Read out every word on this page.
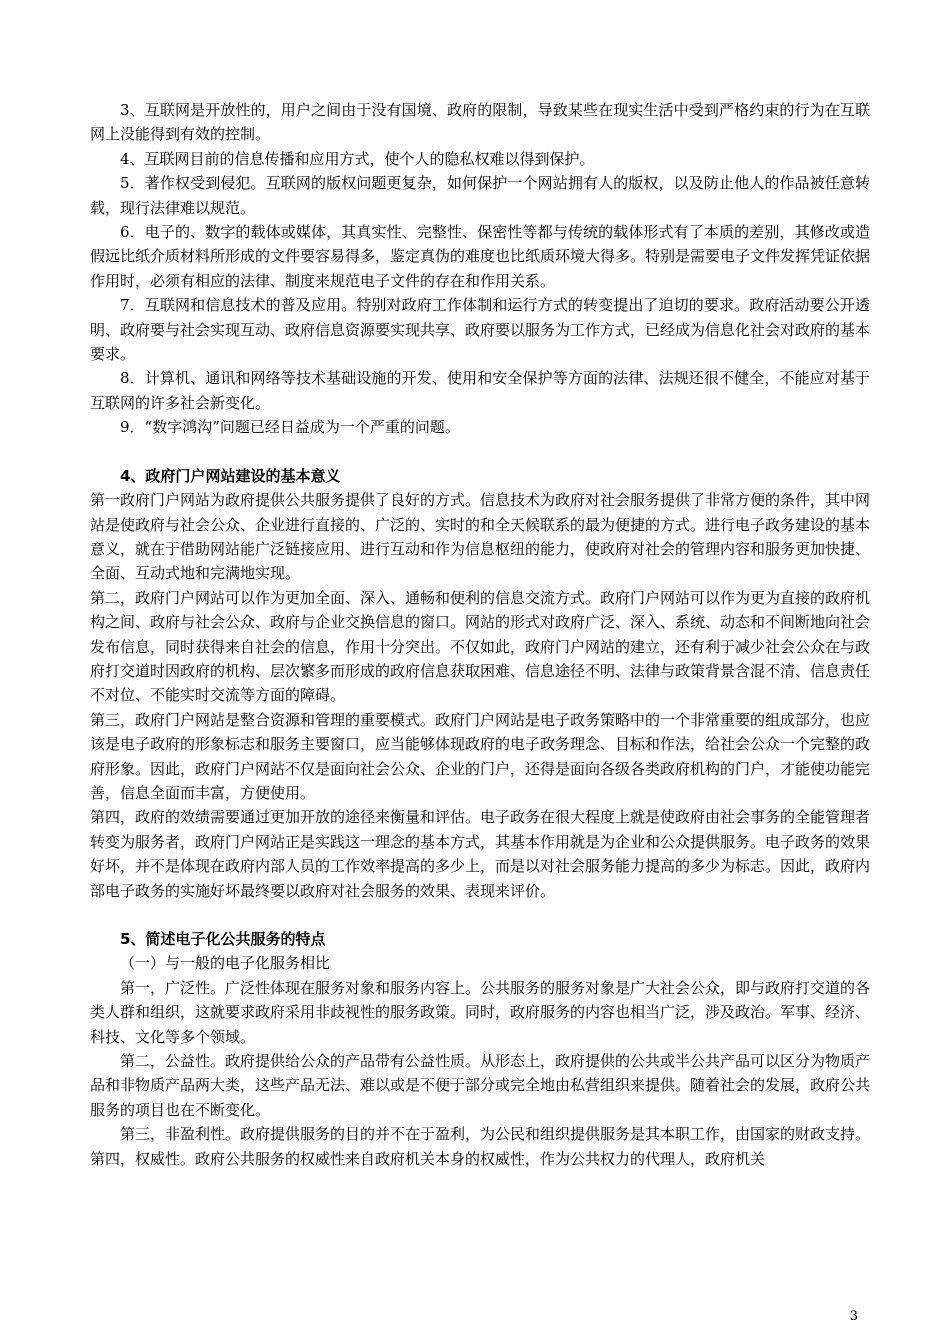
3、互联网是开放性的，用户之间由于没有国境、政府的限制，导致某些在现实生活中受到严格约束的行为在互联网上没能得到有效的控制。

4、互联网目前的信息传播和应用方式，使个人的隐私权难以得到保护。

5．著作权受到侵犯。互联网的版权问题更复杂，如何保护一个网站拥有人的版权，以及防止他人的作品被任意转载，现行法律难以规范。

6．电子的、数字的载体或媒体，其真实性、完整性、保密性等都与传统的载体形式有了本质的差别，其修改或造假远比纸介质材料所形成的文件要容易得多，鉴定真伪的难度也比纸质环境大得多。特别是需要电子文件发挥凭证依据作用时，必须有相应的法律、制度来规范电子文件的存在和作用关系。

7．互联网和信息技术的普及应用。特别对政府工作体制和运行方式的转变提出了迫切的要求。政府活动要公开透明、政府要与社会实现互动、政府信息资源要实现共享、政府要以服务为工作方式，已经成为信息化社会对政府的基本要求。

8．计算机、通讯和网络等技术基础设施的开发、使用和安全保护等方面的法律、法规还很不健全，不能应对基于互联网的许多社会新变化。

9．“数字鸿沟”问题已经日益成为一个严重的问题。

4、政府门户网站建设的基本意义

第一政府门户网站为政府提供公共服务提供了良好的方式。信息技术为政府对社会服务提供了非常方便的条件，其中网站是使政府与社会公众、企业进行直接的、广泛的、实时的和全天候联系的最为便捷的方式。进行电子政务建设的基本意义，就在于借助网站能广泛链接应用、进行互动和作为信息枢纽的能力，使政府对社会的管理内容和服务更加快捷、全面、互动式地和完满地实现。

第二，政府门户网站可以作为更加全面、深入、通畅和便利的信息交流方式。政府门户网站可以作为更为直接的政府机构之间、政府与社会公众、政府与企业交换信息的窗口。网站的形式对政府广泛、深入、系统、动态和不间断地向社会发布信息，同时获得来自社会的信息，作用十分突出。不仅如此，政府门户网站的建立，还有利于减少社会公众在与政府打交道时因政府的机构、层次繁多而形成的政府信息获取困难、信息途径不明、法律与政策背景含混不清、信息责任不对位、不能实时交流等方面的障碍。

第三，政府门户网站是整合资源和管理的重要模式。政府门户网站是电子政务策略中的一个非常重要的组成部分，也应该是电子政府的形象标志和服务主要窗口，应当能够体现政府的电子政务理念、目标和作法，给社会公众一个完整的政府形象。因此，政府门户网站不仅是面向社会公众、企业的门户，还得是面向各级各类政府机构的门户，才能使功能完善，信息全面而丰富，方便使用。

第四，政府的效绩需要通过更加开放的途径来衡量和评估。电子政务在很大程度上就是使政府由社会事务的全能管理者转变为服务者，政府门户网站正是实践这一理念的基本方式，其基本作用就是为企业和公众提供服务。电子政务的效果好坏，并不是体现在政府内部人员的工作效率提高的多少上，而是以对社会服务能力提高的多少为标志。因此，政府内部电子政务的实施好坏最终要以政府对社会服务的效果、表现来评价。

5、简述电子化公共服务的特点

（一）与一般的电子化服务相比

第一，广泛性。广泛性体现在服务对象和服务内容上。公共服务的服务对象是广大社会公众，即与政府打交道的各类人群和组织，这就要求政府采用非歧视性的服务政策。同时，政府服务的内容也相当广泛，涉及政治。军事、经济、科技、文化等多个领域。

第二，公益性。政府提供给公众的产品带有公益性质。从形态上，政府提供的公共或半公共产品可以区分为物质产品和非物质产品两大类，这些产品无法、难以或是不便于部分或完全地由私营组织来提供。随着社会的发展，政府公共服务的项目也在不断变化。

第三，非盈利性。政府提供服务的目的并不在于盈利，为公民和组织提供服务是其本职工作，由国家的财政支持。

第四，权威性。政府公共服务的权威性来自政府机关本身的权威性，作为公共权力的代理人，政府机关

3
